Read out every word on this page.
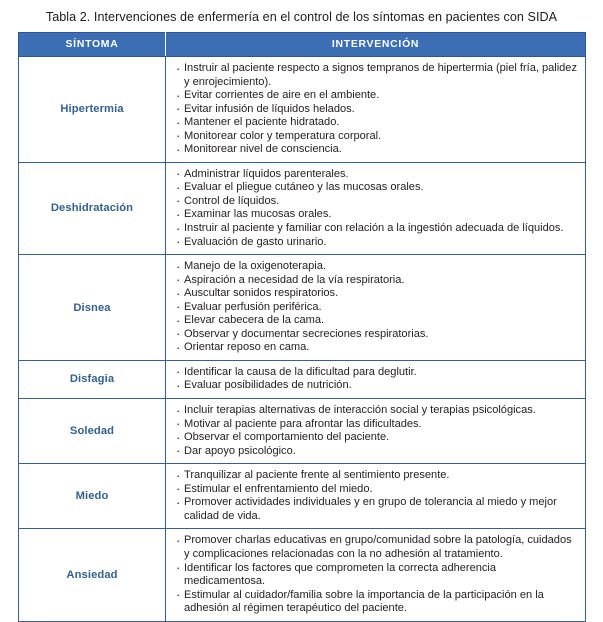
Tabla 2. Intervenciones de enfermería en el control de los síntomas en pacientes con SIDA
SÍNTOMA	INTERVENCIÓN
Hipertermia	
· Instruir al paciente respecto a signos tempranos de hipertermia (piel fría, palidez y enrojecimiento).
· Evitar corrientes de aire en el ambiente.
· Evitar infusión de líquidos helados.
· Mantener el paciente hidratado.
· Monitorear color y temperatura corporal.
· Monitorear nivel de consciencia.

Deshidratación	
· Administrar líquidos parenterales.
· Evaluar el pliegue cutáneo y las mucosas orales.
· Control de líquidos.
· Examinar las mucosas orales.
· Instruir al paciente y familiar con relación a la ingestión adecuada de líquidos.
· Evaluación de gasto urinario.

Disnea	
· Manejo de la oxigenoterapia.
· Aspiración a necesidad de la vía respiratoria.
· Auscultar sonidos respiratorios.
· Evaluar perfusión periférica.
· Elevar cabecera de la cama.
· Observar y documentar secreciones respiratorias.
· Orientar reposo en cama.

Disfagia	
· Identificar la causa de la dificultad para deglutir.
· Evaluar posibilidades de nutrición.

Soledad	
· Incluir terapias alternativas de interacción social y terapias psicológicas.
· Motivar al paciente para afrontar las dificultades.
· Observar el comportamiento del paciente.
· Dar apoyo psicológico.

Miedo	
· Tranquilizar al paciente frente al sentimiento presente.
· Estimular el enfrentamiento del miedo.
· Promover actividades individuales y en grupo de tolerancia al miedo y mejor calidad de vida.

Ansiedad	
· Promover charlas educativas en grupo/comunidad sobre la patología, cuidados y complicaciones relacionadas con la no adhesión al tratamiento.
· Identificar los factores que comprometen la correcta adherencia medicamentosa.
· Estimular al cuidador/familia sobre la importancia de la participación en la adhesión al régimen terapéutico del paciente.
